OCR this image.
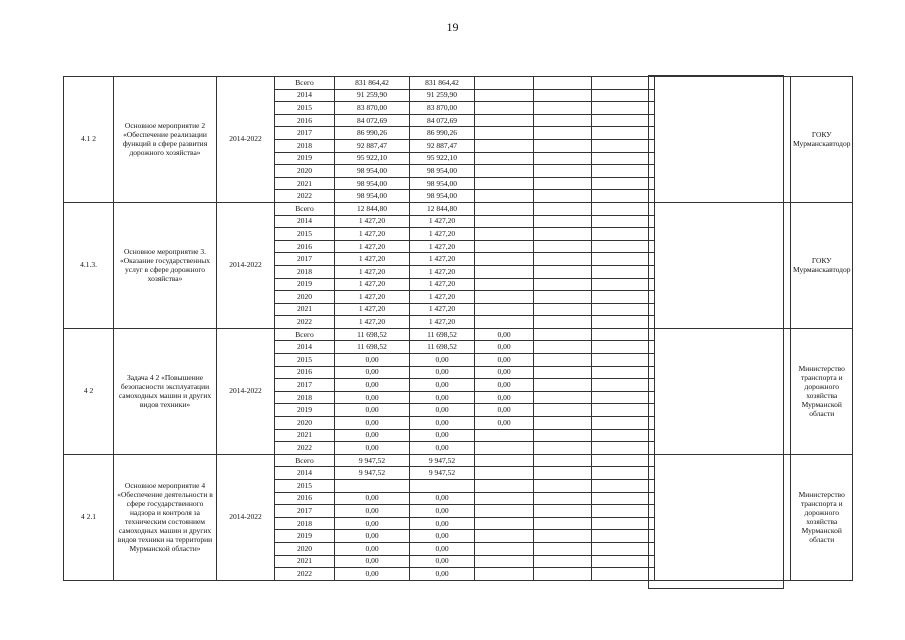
19
4.1 2	Основное мероприятие 2 «Обеспечение реализации функций в сфере развития дорожного хозяйства»	2014-2022	Всего	831 864,42	831 864,42					ГОКУ Мурманскавтодор
			2014	91 259,90	91 259,90					
			2015	83 870,00	83 870,00					
			2016	84 072,69	84 072,69					
			2017	86 990,26	86 990,26					
			2018	92 887,47	92 887,47					
			2019	95 922,10	95 922,10					
			2020	98 954,00	98 954,00					
			2021	98 954,00	98 954,00					
			2022	98 954,00	98 954,00					
4.1.3.	Основное мероприятие 3. «Оказание государственных услуг в сфере дорожного хозяйства»	2014-2022	Всего	12 844,80	12 844,80					ГОКУ Мурманскавтодор
			2014	1 427,20	1 427,20					
			2015	1 427,20	1 427,20					
			2016	1 427,20	1 427,20					
			2017	1 427,20	1 427,20					
			2018	1 427,20	1 427,20					
			2019	1 427,20	1 427,20					
			2020	1 427,20	1 427,20					
			2021	1 427,20	1 427,20					
			2022	1 427,20	1 427,20					
4 2	Задача 4 2 «Повышение безопасности эксплуатации самоходных машин и других видов техники»	2014-2022	Всего	11 698,52	11 698,52	0,00				Министерство транспорта и дорожного хозяйства Мурманской области
			2014	11 698,52	11 698,52	0,00				
			2015	0,00	0,00	0,00				
			2016	0,00	0,00	0,00				
			2017	0,00	0,00	0,00				
			2018	0,00	0,00	0,00				
			2019	0,00	0,00	0,00				
			2020	0,00	0,00	0,00				
			2021	0,00	0,00					
			2022	0,00	0,00					
4 2.1	Основное мероприятие 4 «Обеспечение деятельности в сфере государственного надзора и контроля за техническим состоянием самоходных машин и других видов техники на территории Мурманской области»	2014-2022	Всего	9 947,52	9 947,52					Министерство транспорта и дорожного хозяйства Мурманской области
			2014	9 947,52	9 947,52					
			2015							
			2016	0,00	0,00					
			2017	0,00	0,00					
			2018	0,00	0,00					
			2019	0,00	0,00					
			2020	0,00	0,00					
			2021	0,00	0,00					
			2022	0,00	0,00					
